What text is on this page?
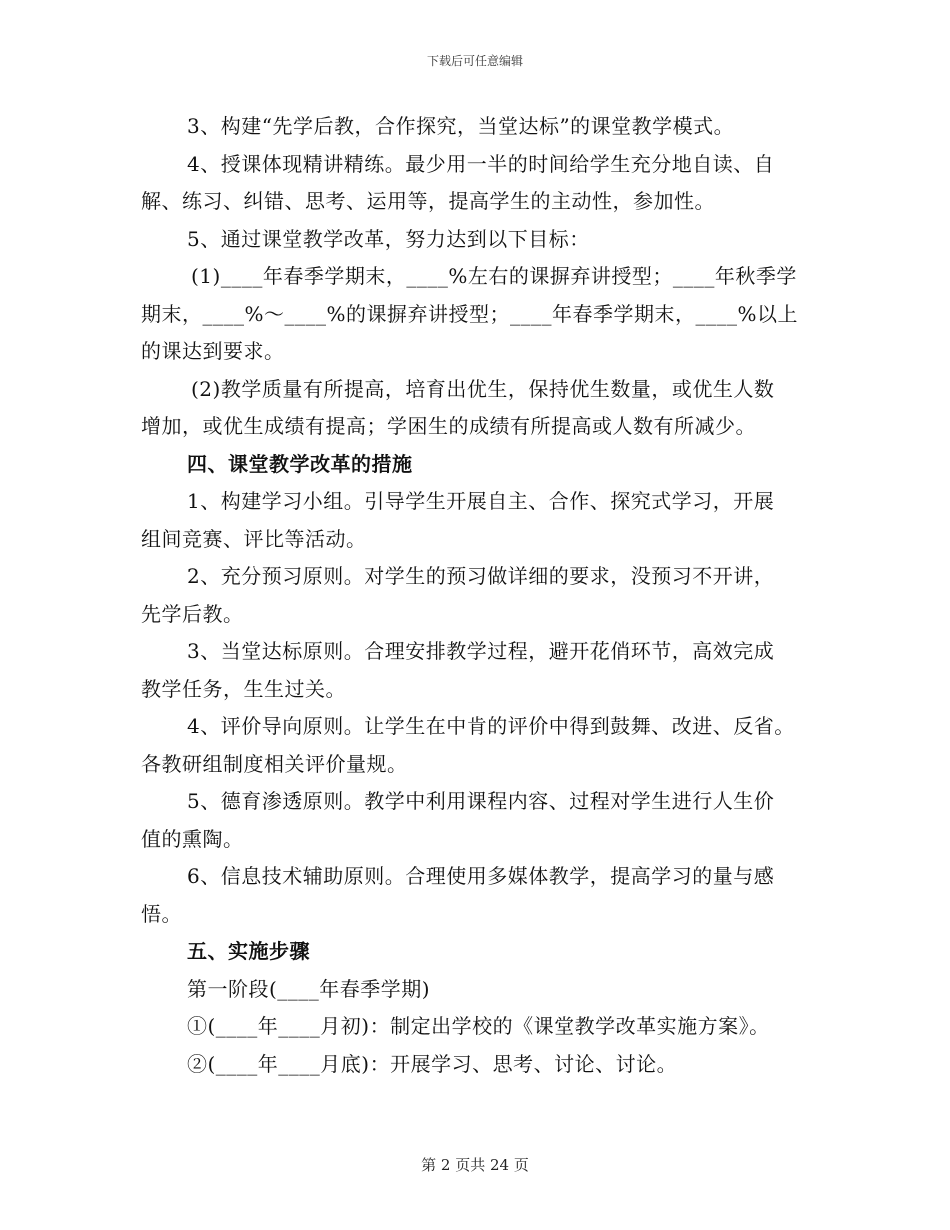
下载后可任意编辑
3、构建“先学后教，合作探究，当堂达标”的课堂教学模式。
4、授课体现精讲精练。最少用一半的时间给学生充分地自读、自
解、练习、纠错、思考、运用等，提高学生的主动性，参加性。
5、通过课堂教学改革，努力达到以下目标：
(1)____年春季学期末，____%左右的课摒弃讲授型；____年秋季学
期末，____%～____%的课摒弃讲授型；____年春季学期末，____%以上
的课达到要求。
(2)教学质量有所提高，培育出优生，保持优生数量，或优生人数
增加，或优生成绩有提高；学困生的成绩有所提高或人数有所减少。
四、课堂教学改革的措施
1、构建学习小组。引导学生开展自主、合作、探究式学习，开展
组间竞赛、评比等活动。
2、充分预习原则。对学生的预习做详细的要求，没预习不开讲，
先学后教。
3、当堂达标原则。合理安排教学过程，避开花俏环节，高效完成
教学任务，生生过关。
4、评价导向原则。让学生在中肯的评价中得到鼓舞、改进、反省。
各教研组制度相关评价量规。
5、德育渗透原则。教学中利用课程内容、过程对学生进行人生价
值的熏陶。
6、信息技术辅助原则。合理使用多媒体教学，提高学习的量与感
悟。
五、实施步骤
第一阶段(____年春季学期)
①(____年____月初)：制定出学校的《课堂教学改革实施方案》。
②(____年____月底)：开展学习、思考、讨论、讨论。
第 2 页共 24 页
